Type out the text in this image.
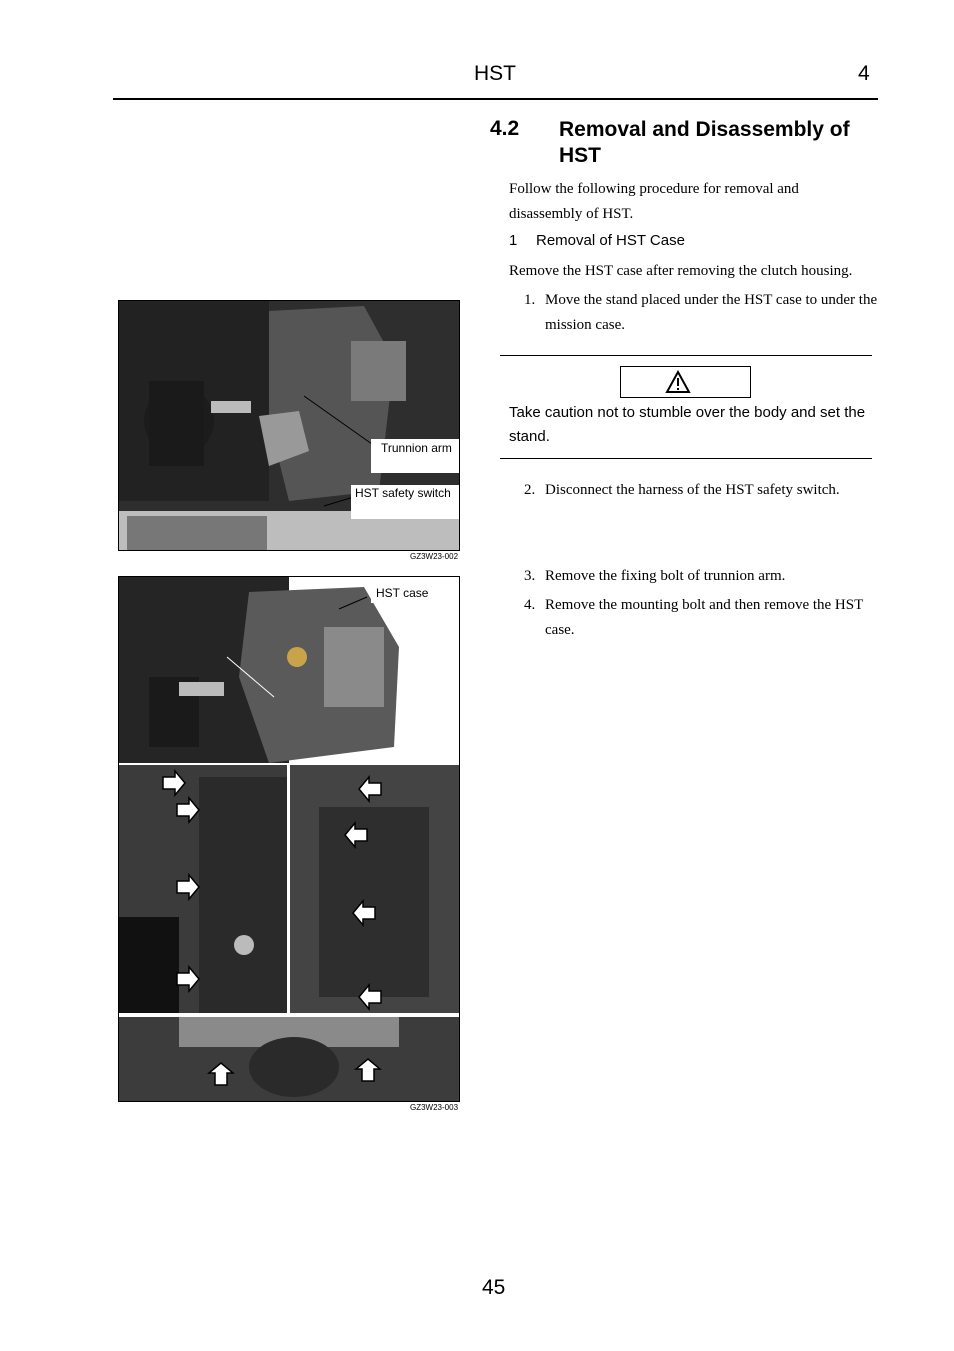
HST	4
4.2 Removal and Disassembly of HST
Follow the following procedure for removal and disassembly of HST.
1 Removal of HST Case
Remove the HST case after removing the clutch housing.
1. Move the stand placed under the HST case to under the mission case.
Take caution not to stumble over the body and set the stand.
2. Disconnect the harness of the HST safety switch.
3. Remove the fixing bolt of trunnion arm.
4. Remove the mounting bolt and then remove the HST case.
Trunnion arm
HST safety switch
GZ3W23-002
HST case
GZ3W23-003
45
